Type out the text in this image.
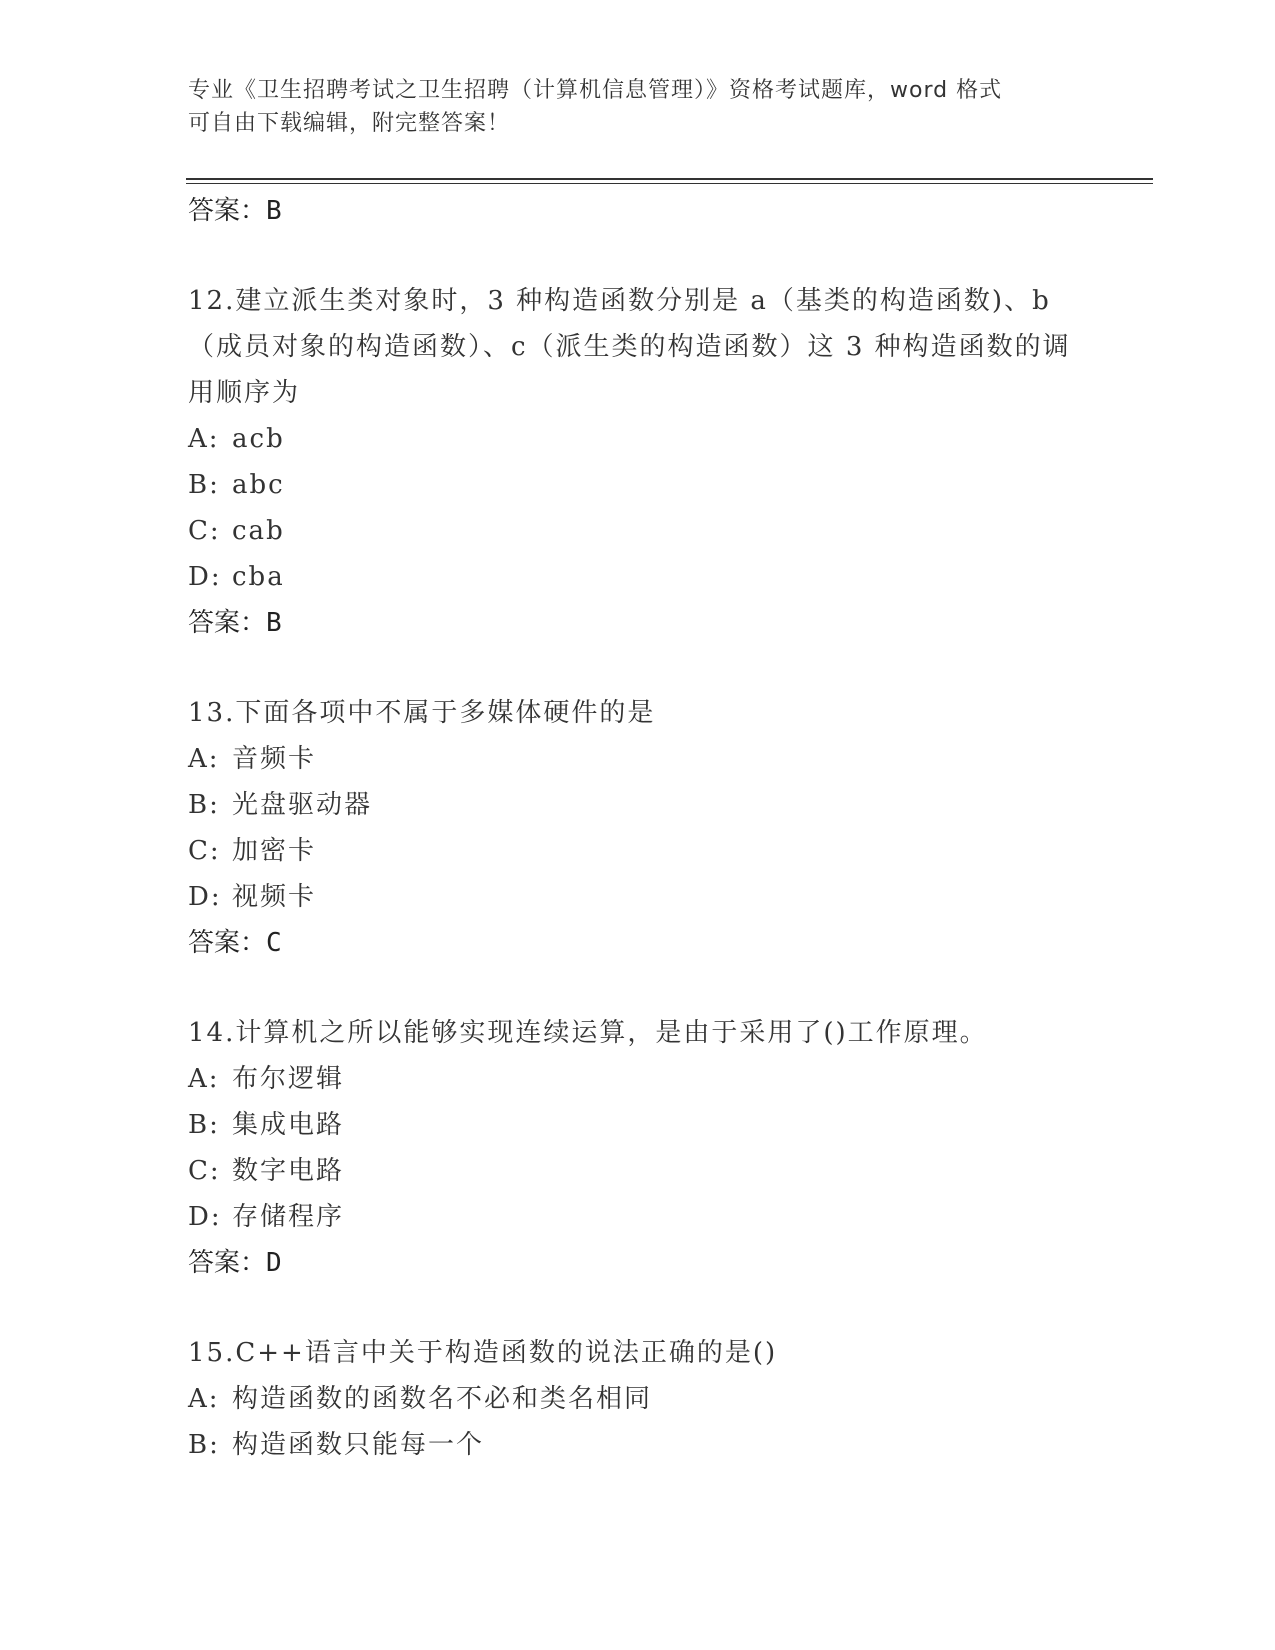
专业《卫生招聘考试之卫生招聘（计算机信息管理）》资格考试题库，word 格式
可自由下载编辑，附完整答案！
答案：B
12.建立派生类对象时，3 种构造函数分别是 a（基类的构造函数)、b（成员对象的构造函数）、c（派生类的构造函数）这 3 种构造函数的调用顺序为
A: acb
B: abc
C: cab
D: cba
答案：B
13.下面各项中不属于多媒体硬件的是
A: 音频卡
B: 光盘驱动器
C: 加密卡
D: 视频卡
答案：C
14.计算机之所以能够实现连续运算，是由于采用了()工作原理。
A: 布尔逻辑
B: 集成电路
C: 数字电路
D: 存储程序
答案：D
15.C++语言中关于构造函数的说法正确的是()
A: 构造函数的函数名不必和类名相同
B: 构造函数只能每一个
